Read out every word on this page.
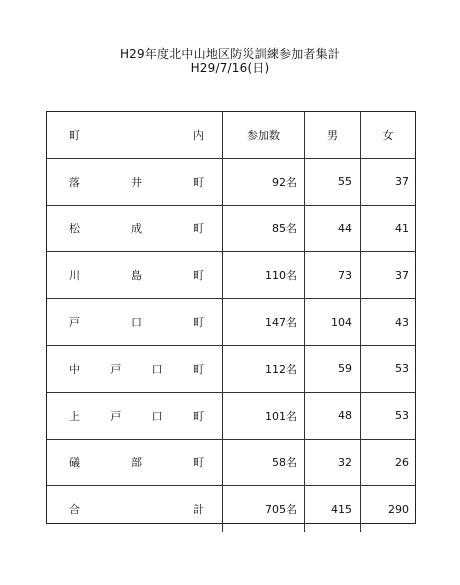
H29年度北中山地区防災訓練参加者集計
H29/7/16(日)
町 内	参加数	男	女

落 井 町	92名	55	37

松 成 町	85名	44	41

川 島 町	110名	73	37

戸 口 町	147名	104	43

中 戸 口 町	112名	59	53

上 戸 口 町	101名	48	53

礒 部 町	58名	32	26

合 計	705名	415	290
